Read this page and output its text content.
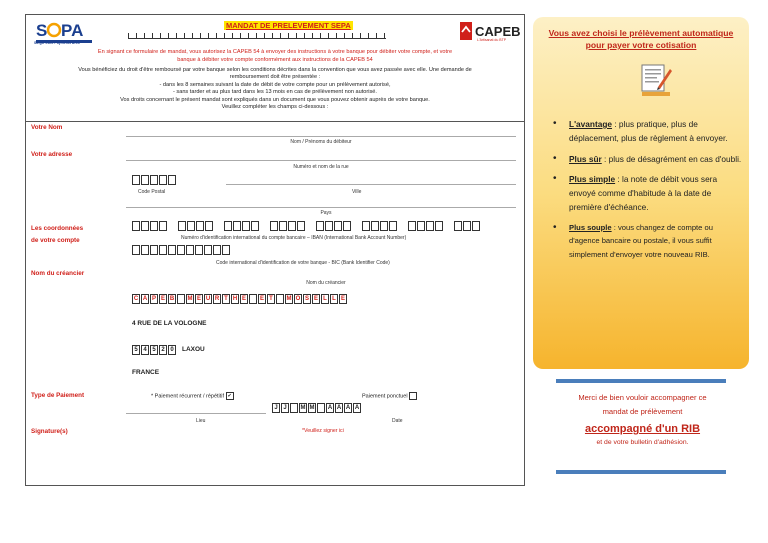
S PA
Single Euro Payments Area
MANDAT DE PRELEVEMENT SEPA	CAPEB
L'Artisanat du BTP
En signant ce formulaire de mandat, vous autorisez la CAPEB 54 à envoyer des instructions à votre banque pour débiter votre compte, et votre
banque à débiter votre compte conformément aux instructions de la CAPEB 54
Vous bénéficiez du droit d'être remboursé par votre banque selon les conditions décrites dans la convention que vous avez passée avec elle. Une demande de
remboursement doit être présentée :
- dans les 8 semaines suivant la date de débit de votre compte pour un prélèvement autorisé,
- sans tarder et au plus tard dans les 13 mois en cas de prélèvement non autorisé.
Vos droits concernant le présent mandat sont expliqués dans un document que vous pouvez obtenir auprès de votre banque.
Veuillez compléter les champs ci-dessous :
Votre Nom
Nom / Prénoms du débiteur
Votre adresse
Numéro et nom de la rue
Code Postal	Ville
Pays
Les coordonnées
de votre compte	Numéro d'identification international du compte bancaire – IBAN (International Bank Account Number)
Code international d'identification de votre banque - BIC (Bank Identifier Code)
Nom du créancier
Nom du créancier
C A P E B	M E U R T H E	E T	M O S E L L E
4 RUE DE LA VOLOGNE
5 4 5 2 0	LAXOU
FRANCE
Type de Paiement	* Paiement récurrent / répétitif ✔	Paiement ponctuel
J J	M M	A A A A
Lieu	Date
Signature(s)	*Veuillez signer ici
Vous avez choisi le prélèvement automatique pour payer votre cotisation
• L'avantage : plus pratique, plus de déplacement, plus de règlement à envoyer.
• Plus sûr : plus de désagrément en cas d'oubli.
• Plus simple : la note de débit vous sera envoyé comme d'habitude à la date de première d'échéance.
• Plus souple : vous changez de compte ou d'agence bancaire ou postale, il vous suffit simplement d'envoyer votre nouveau RIB.
Merci de bien vouloir accompagner ce
mandat de prélèvement
accompagné d'un RIB
et de votre bulletin d'adhésion.
